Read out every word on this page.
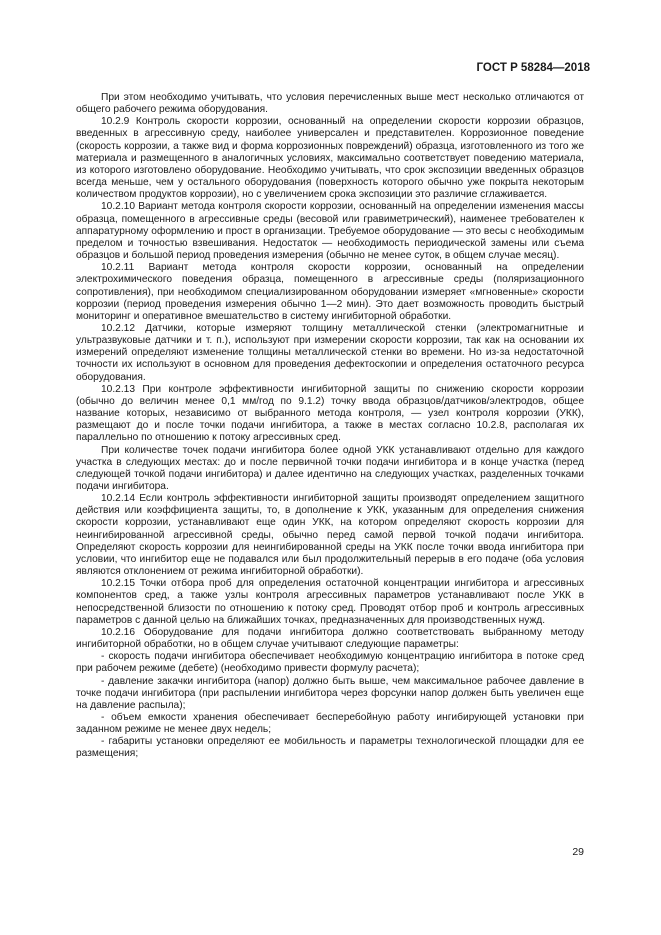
ГОСТ Р 58284—2018

При этом необходимо учитывать, что условия перечисленных выше мест несколько отличаются от общего рабочего режима оборудования.

10.2.9 Контроль скорости коррозии, основанный на определении скорости коррозии образцов, введенных в агрессивную среду, наиболее универсален и представителен. Коррозионное поведение (скорость коррозии, а также вид и форма коррозионных повреждений) образца, изготовленного из того же материала и размещенного в аналогичных условиях, максимально соответствует поведению материала, из которого изготовлено оборудование. Необходимо учитывать, что срок экспозиции введенных образцов всегда меньше, чем у остального оборудования (поверхность которого обычно уже покрыта некоторым количеством продуктов коррозии), но с увеличением срока экспозиции это различие сглаживается.

10.2.10 Вариант метода контроля скорости коррозии, основанный на определении изменения массы образца, помещенного в агрессивные среды (весовой или гравиметрический), наименее требователен к аппаратурному оформлению и прост в организации. Требуемое оборудование — это весы с необходимым пределом и точностью взвешивания. Недостаток — необходимость периодической замены или съема образцов и большой период проведения измерения (обычно не менее суток, в общем случае месяц).

10.2.11 Вариант метода контроля скорости коррозии, основанный на определении электрохимического поведения образца, помещенного в агрессивные среды (поляризационного сопротивления), при необходимом специализированном оборудовании измеряет «мгновенные» скорости коррозии (период проведения измерения обычно 1—2 мин). Это дает возможность проводить быстрый мониторинг и оперативное вмешательство в систему ингибиторной обработки.

10.2.12 Датчики, которые измеряют толщину металлической стенки (электромагнитные и ультразвуковые датчики и т. п.), используют при измерении скорости коррозии, так как на основании их измерений определяют изменение толщины металлической стенки во времени. Но из-за недостаточной точности их используют в основном для проведения дефектоскопии и определения остаточного ресурса оборудования.

10.2.13 При контроле эффективности ингибиторной защиты по снижению скорости коррозии (обычно до величин менее 0,1 мм/год по 9.1.2) точку ввода образцов/датчиков/электродов, общее название которых, независимо от выбранного метода контроля, — узел контроля коррозии (УКК), размещают до и после точки подачи ингибитора, а также в местах согласно 10.2.8, располагая их параллельно по отношению к потоку агрессивных сред.

При количестве точек подачи ингибитора более одной УКК устанавливают отдельно для каждого участка в следующих местах: до и после первичной точки подачи ингибитора и в конце участка (перед следующей точкой подачи ингибитора) и далее идентично на следующих участках, разделенных точками подачи ингибитора.

10.2.14 Если контроль эффективности ингибиторной защиты производят определением защитного действия или коэффициента защиты, то, в дополнение к УКК, указанным для определения снижения скорости коррозии, устанавливают еще один УКК, на котором определяют скорость коррозии для неингибированной агрессивной среды, обычно перед самой первой точкой подачи ингибитора. Определяют скорость коррозии для неингибированной среды на УКК после точки ввода ингибитора при условии, что ингибитор еще не подавался или был продолжительный перерыв в его подаче (оба условия являются отклонением от режима ингибиторной обработки).

10.2.15 Точки отбора проб для определения остаточной концентрации ингибитора и агрессивных компонентов сред, а также узлы контроля агрессивных параметров устанавливают после УКК в непосредственной близости по отношению к потоку сред. Проводят отбор проб и контроль агрессивных параметров с данной целью на ближайших точках, предназначенных для производственных нужд.

10.2.16 Оборудование для подачи ингибитора должно соответствовать выбранному методу ингибиторной обработки, но в общем случае учитывают следующие параметры:

- скорость подачи ингибитора обеспечивает необходимую концентрацию ингибитора в потоке сред при рабочем режиме (дебете) (необходимо привести формулу расчета);

- давление закачки ингибитора (напор) должно быть выше, чем максимальное рабочее давление в точке подачи ингибитора (при распылении ингибитора через форсунки напор должен быть увеличен еще на давление распыла);

- объем емкости хранения обеспечивает бесперебойную работу ингибирующей установки при заданном режиме не менее двух недель;

- габариты установки определяют ее мобильность и параметры технологической площадки для ее размещения;

29
